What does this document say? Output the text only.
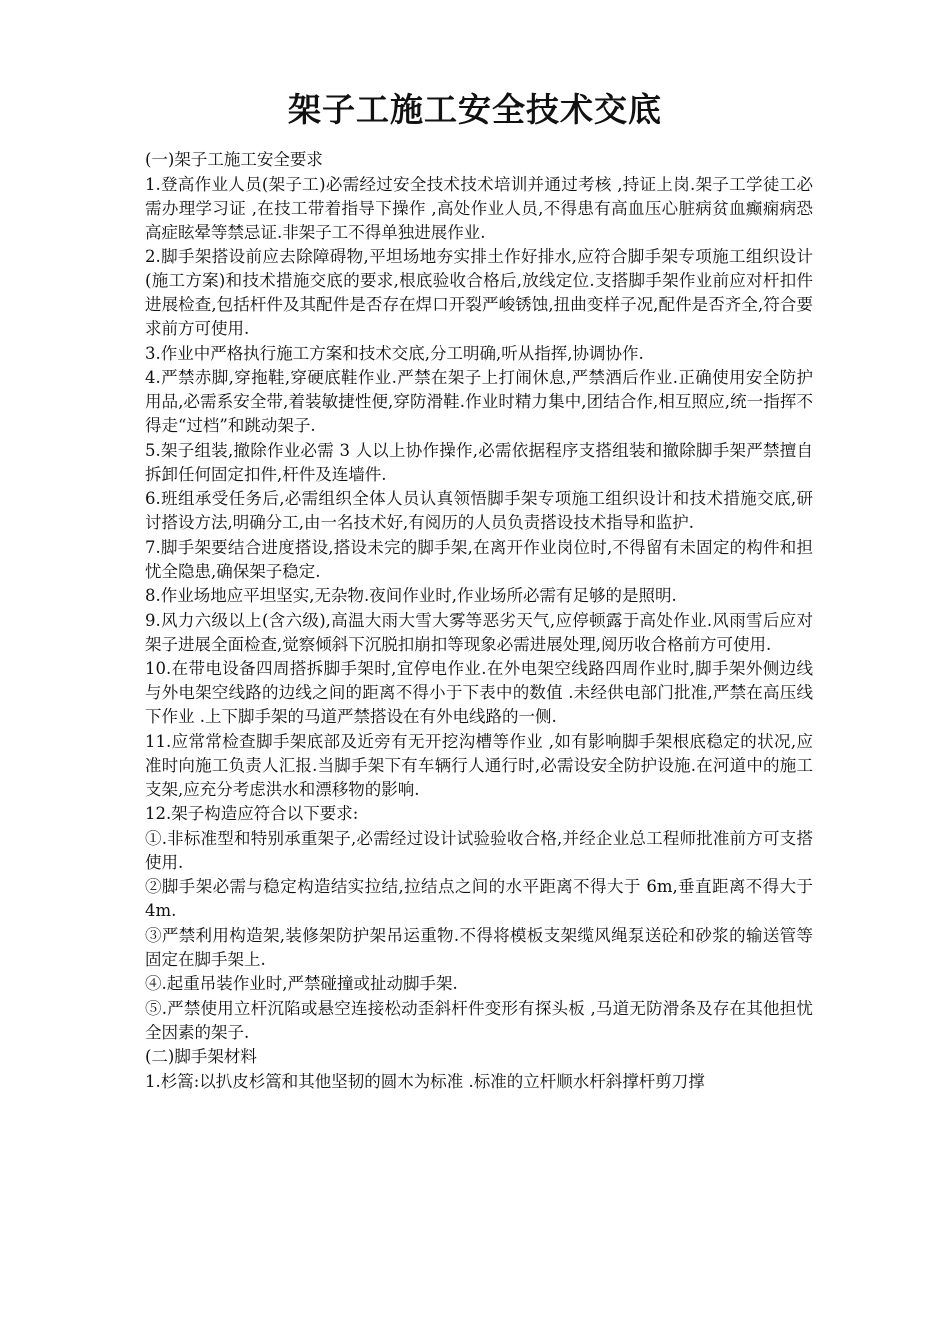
架子工施工安全技术交底

(一)架子工施工安全要求

1.登高作业人员(架子工)必需经过安全技术技术培训并通过考核 ,持证上岗.架子工学徒工必需办理学习证 ,在技工带着指导下操作 ,高处作业人员,不得患有高血压心脏病贫血癫痫病恐高症眩晕等禁忌证.非架子工不得单独进展作业.

2.脚手架搭设前应去除障碍物,平坦场地夯实排土作好排水,应符合脚手架专项施工组织设计(施工方案)和技术措施交底的要求,根底验收合格后,放线定位.支搭脚手架作业前应对杆扣件进展检查,包括杆件及其配件是否存在焊口开裂严峻锈蚀,扭曲变样子况,配件是否齐全,符合要求前方可使用.

3.作业中严格执行施工方案和技术交底,分工明确,听从指挥,协调协作.

4.严禁赤脚,穿拖鞋,穿硬底鞋作业.严禁在架子上打闹休息,严禁酒后作业.正确使用安全防护用品,必需系安全带,着装敏捷性便,穿防滑鞋.作业时精力集中,团结合作,相互照应,统一指挥不得走“过档”和跳动架子.

5.架子组装,撤除作业必需 3 人以上协作操作,必需依据程序支搭组装和撤除脚手架严禁擅自拆卸任何固定扣件,杆件及连墙件.

6.班组承受任务后,必需组织全体人员认真领悟脚手架专项施工组织设计和技术措施交底,研讨搭设方法,明确分工,由一名技术好,有阅历的人员负责搭设技术指导和监护.

7.脚手架要结合进度搭设,搭设未完的脚手架,在离开作业岗位时,不得留有未固定的构件和担忧全隐患,确保架子稳定.

8.作业场地应平坦坚实,无杂物.夜间作业时,作业场所必需有足够的是照明.

9.风力六级以上(含六级),高温大雨大雪大雾等恶劣天气,应停顿露于高处作业.风雨雪后应对架子进展全面检查,觉察倾斜下沉脱扣崩扣等现象必需进展处理,阅历收合格前方可使用.

10.在带电设备四周搭拆脚手架时,宜停电作业.在外电架空线路四周作业时,脚手架外侧边线与外电架空线路的边线之间的距离不得小于下表中的数值 .未经供电部门批准,严禁在高压线下作业 .上下脚手架的马道严禁搭设在有外电线路的一侧.

11.应常常检查脚手架底部及近旁有无开挖沟槽等作业 ,如有影响脚手架根底稳定的状况,应准时向施工负责人汇报.当脚手架下有车辆行人通行时,必需设安全防护设施.在河道中的施工支架,应充分考虑洪水和漂移物的影响.

12.架子构造应符合以下要求:

①.非标准型和特别承重架子,必需经过设计试验验收合格,并经企业总工程师批准前方可支搭使用.

②脚手架必需与稳定构造结实拉结,拉结点之间的水平距离不得大于 6m,垂直距离不得大于 4m.

③严禁利用构造架,装修架防护架吊运重物.不得将模板支架缆风绳泵送砼和砂浆的输送管等固定在脚手架上.

④.起重吊装作业时,严禁碰撞或扯动脚手架.

⑤.严禁使用立杆沉陷或悬空连接松动歪斜杆件变形有探头板 ,马道无防滑条及存在其他担忧全因素的架子.

(二)脚手架材料

1.杉篙:以扒皮杉篙和其他坚韧的圆木为标准 .标准的立杆顺水杆斜撑杆剪刀撑
